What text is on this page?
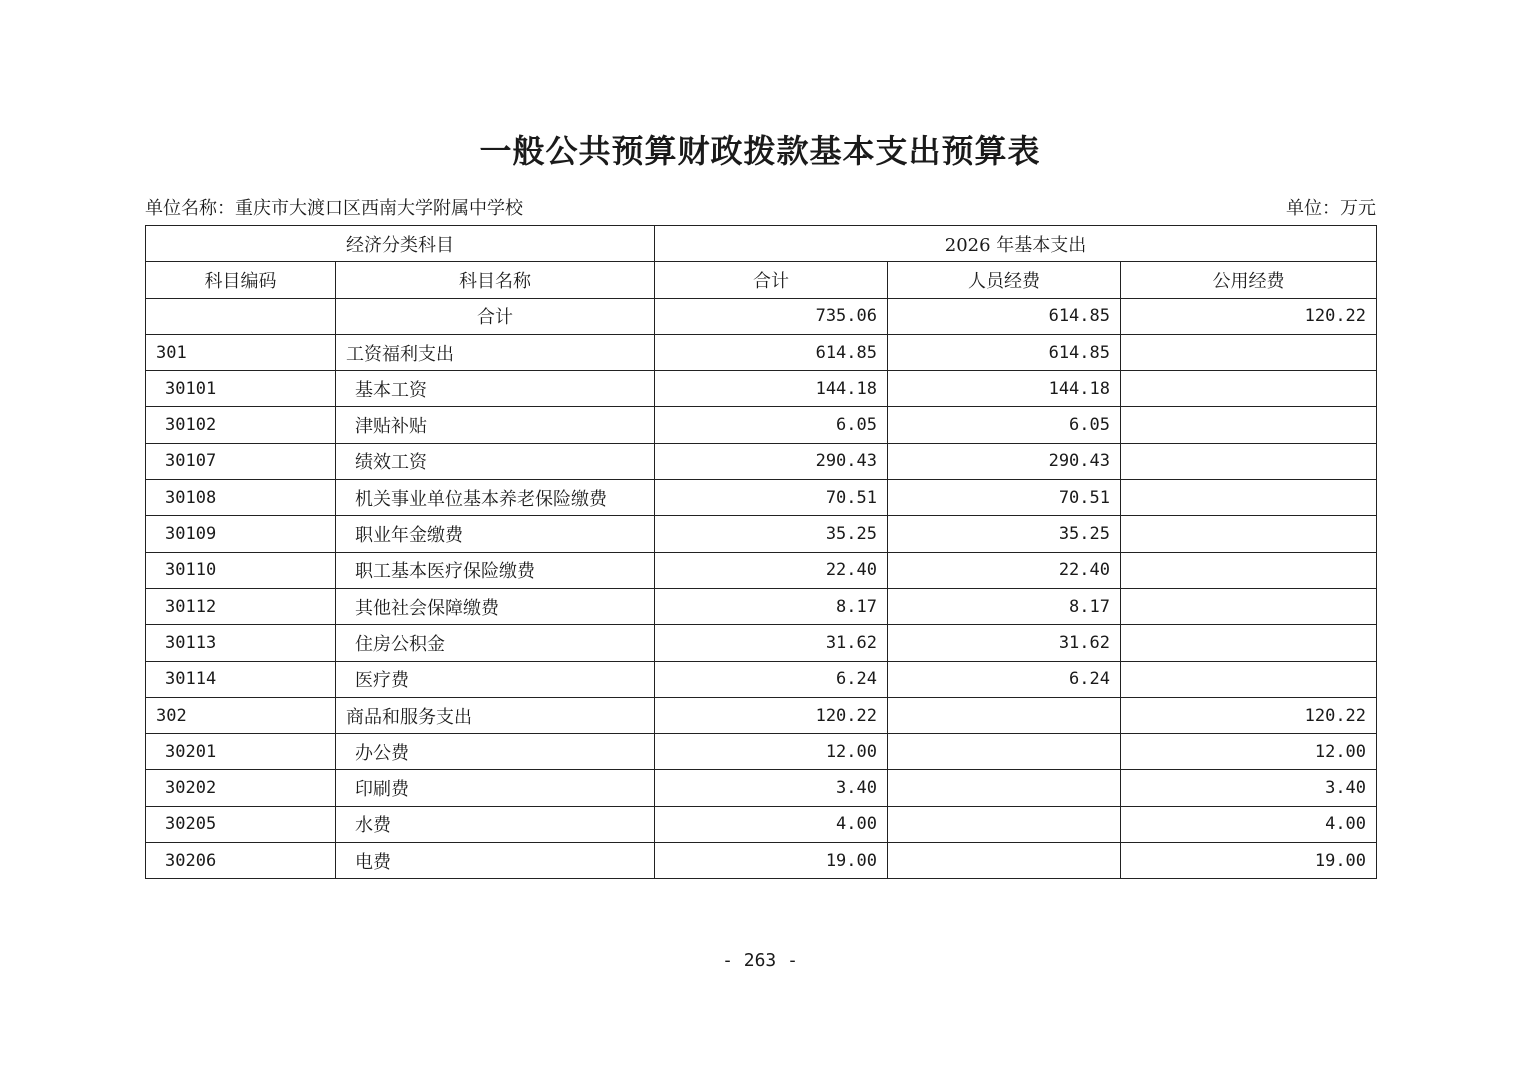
一般公共预算财政拨款基本支出预算表
单位名称：重庆市大渡口区西南大学附属中学校	单位：万元
经济分类科目		2026 年基本支出		
科目编码	科目名称	合计	人员经费	公用经费
	合计	735.06	614.85	120.22
301	工资福利支出	614.85	614.85	
30101	基本工资	144.18	144.18	
30102	津贴补贴	6.05	6.05	
30107	绩效工资	290.43	290.43	
30108	机关事业单位基本养老保险缴费	70.51	70.51	
30109	职业年金缴费	35.25	35.25	
30110	职工基本医疗保险缴费	22.40	22.40	
30112	其他社会保障缴费	8.17	8.17	
30113	住房公积金	31.62	31.62	
30114	医疗费	6.24	6.24	
302	商品和服务支出	120.22		120.22
30201	办公费	12.00		12.00
30202	印刷费	3.40		3.40
30205	水费	4.00		4.00
30206	电费	19.00		19.00
- 263 -
